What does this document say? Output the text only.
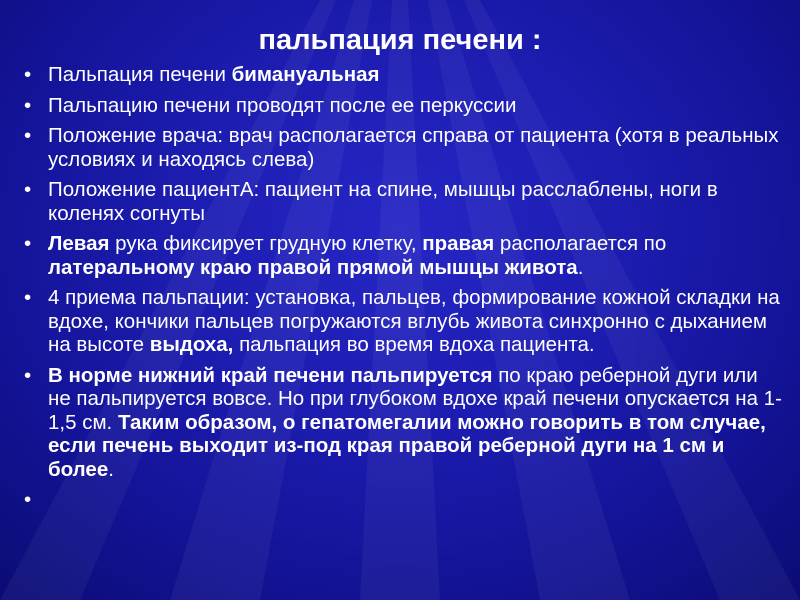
пальпация печени :
• Пальпация печени бимануальная
• Пальпацию печени проводят после ее перкуссии
• Положение врача: врач располагается справа от пациента (хотя в реальных условиях и находясь слева)
• Положение пациентА: пациент на спине, мышцы расслаблены, ноги в коленях согнуты
• Левая рука фиксирует грудную клетку, правая располагается по латеральному краю правой прямой мышцы живота.
• 4 приема пальпации: установка, пальцев, формирование кожной складки на вдохе, кончики пальцев погружаются вглубь живота синхронно с дыханием на высоте выдоха, пальпация во время вдоха пациента.
• В норме нижний край печени пальпируется по краю реберной дуги или не пальпируется вовсе. Но при глубоком вдохе край печени опускается на 1-1,5 см. Таким образом, о гепатомегалии можно говорить в том случае, если печень выходит из-под края правой реберной дуги на 1 см и более.
•
